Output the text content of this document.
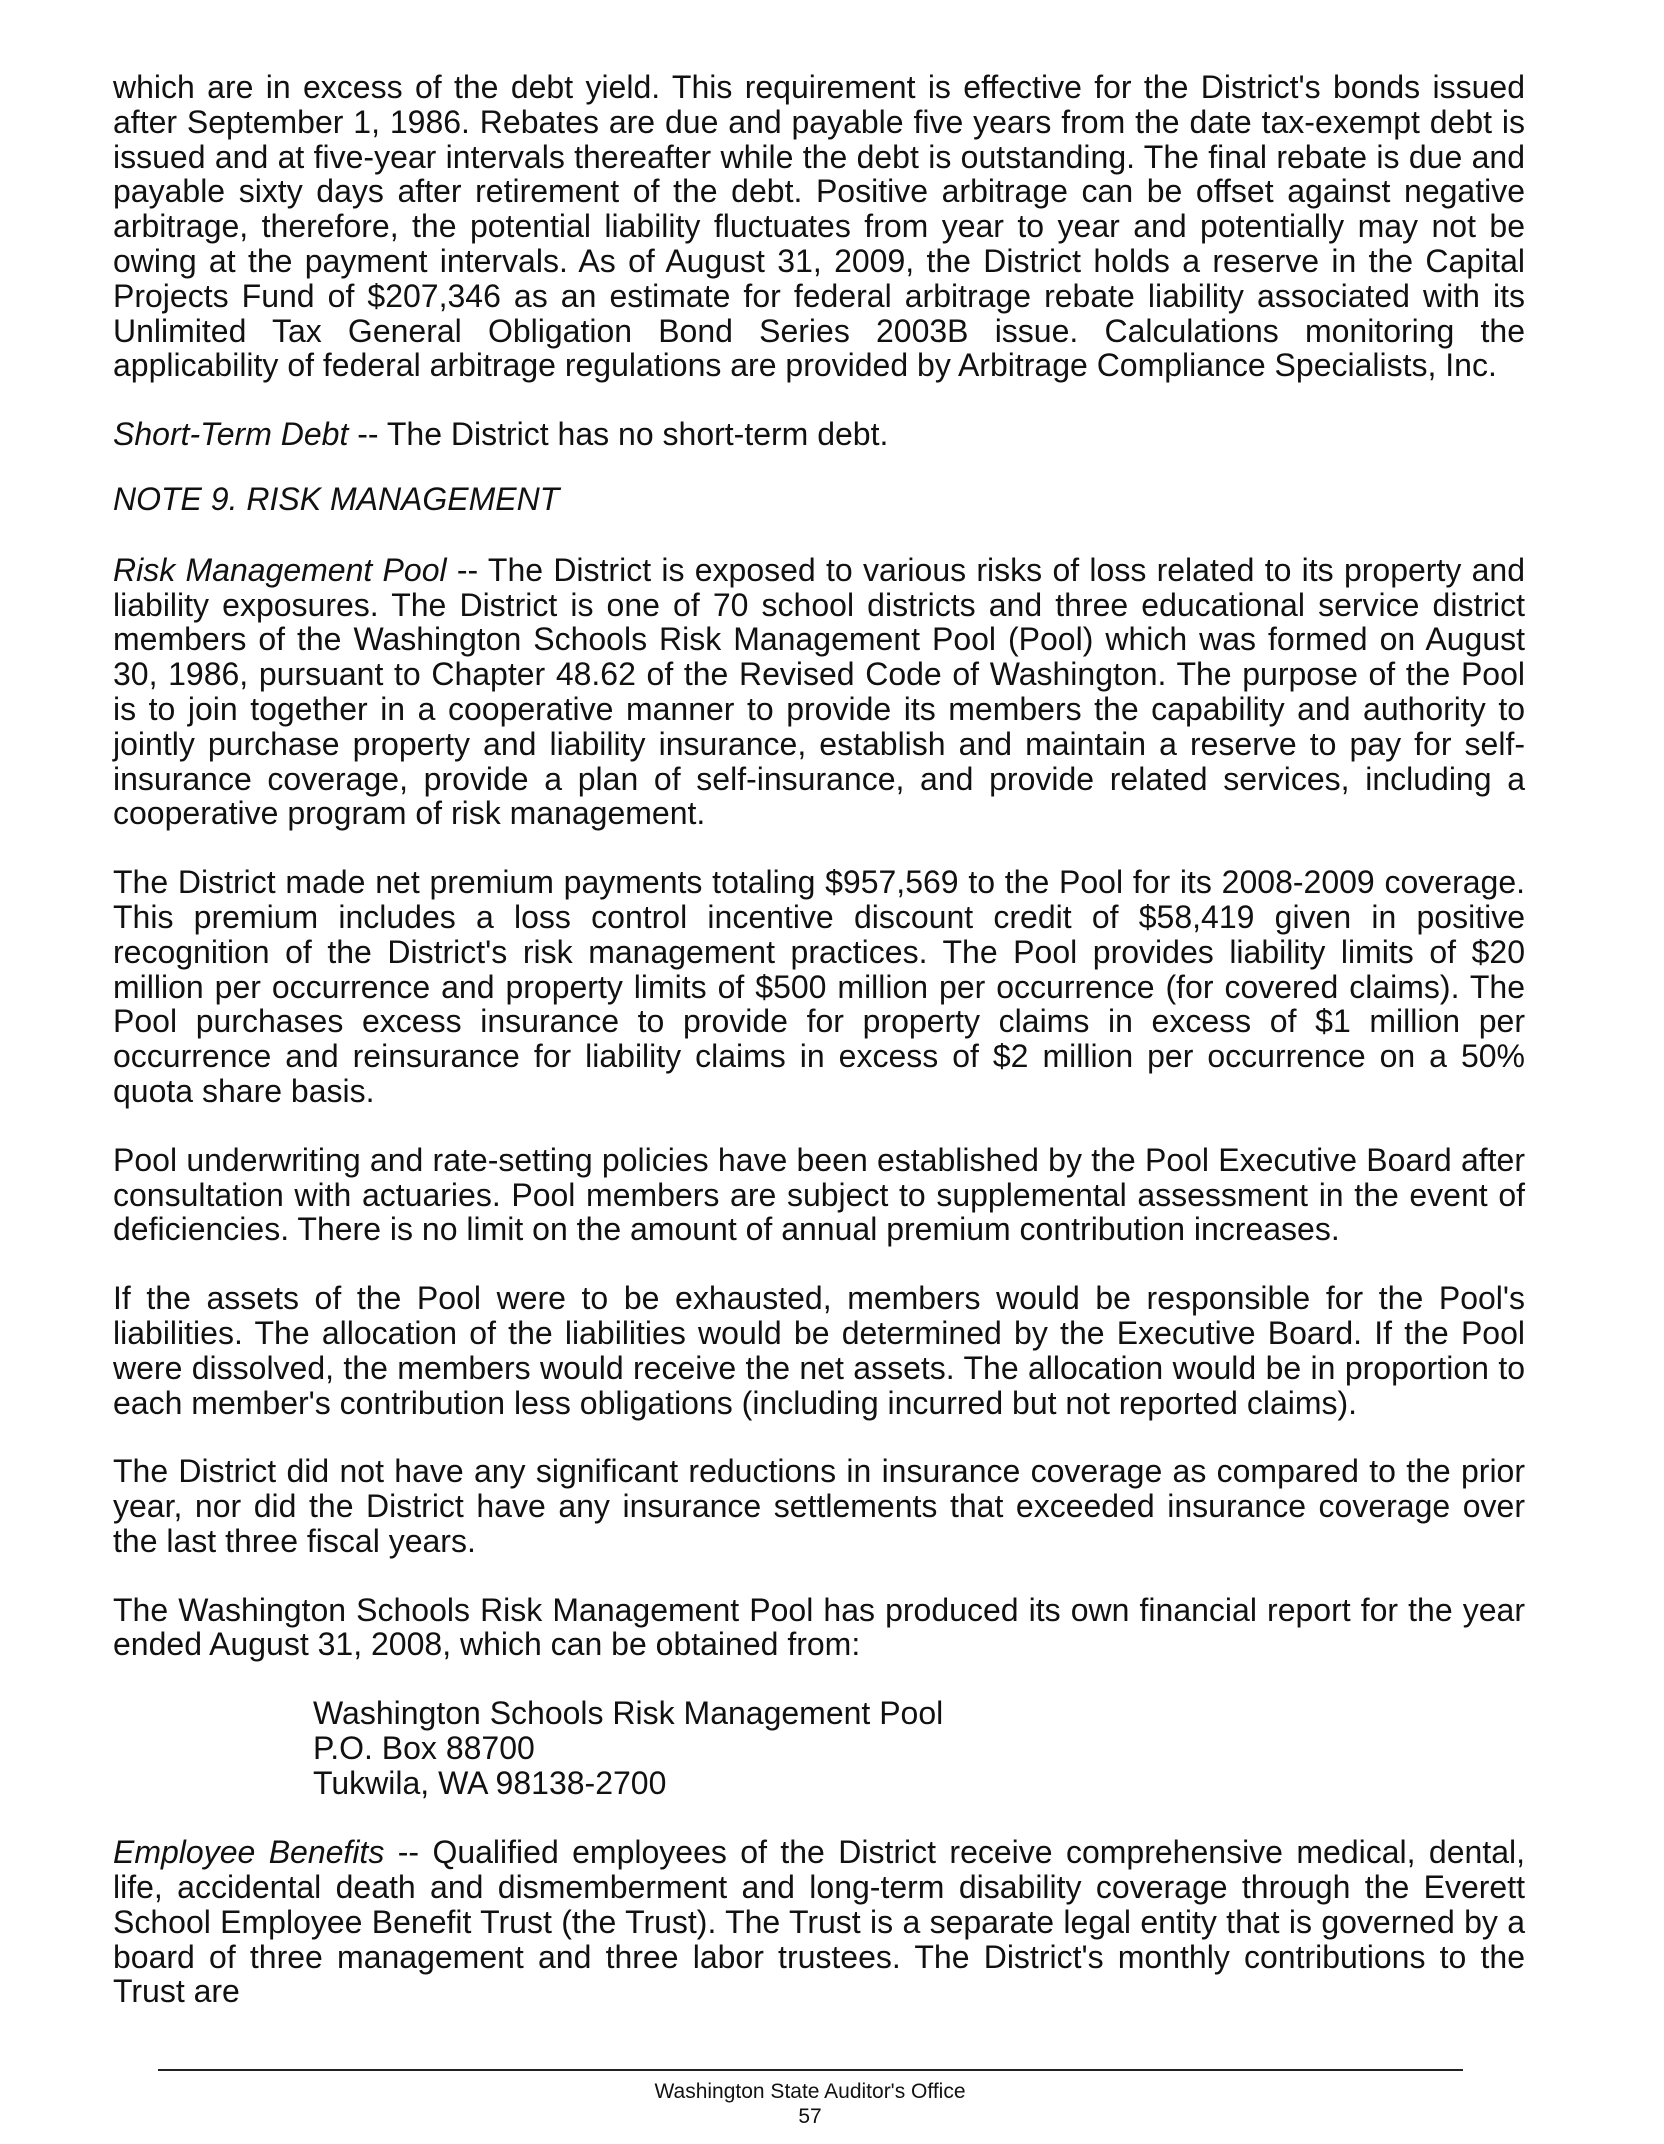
which are in excess of the debt yield. This requirement is effective for the District's bonds issued after September 1, 1986. Rebates are due and payable five years from the date tax-exempt debt is issued and at five-year intervals thereafter while the debt is outstanding. The final rebate is due and payable sixty days after retirement of the debt. Positive arbitrage can be offset against negative arbitrage, therefore, the potential liability fluctuates from year to year and potentially may not be owing at the payment intervals. As of August 31, 2009, the District holds a reserve in the Capital Projects Fund of $207,346 as an estimate for federal arbitrage rebate liability associated with its Unlimited Tax General Obligation Bond Series 2003B issue. Calculations monitoring the applicability of federal arbitrage regulations are provided by Arbitrage Compliance Specialists, Inc.

Short-Term Debt -- The District has no short-term debt.

NOTE 9. RISK MANAGEMENT

Risk Management Pool -- The District is exposed to various risks of loss related to its property and liability exposures. The District is one of 70 school districts and three educational service district members of the Washington Schools Risk Management Pool (Pool) which was formed on August 30, 1986, pursuant to Chapter 48.62 of the Revised Code of Washington. The purpose of the Pool is to join together in a cooperative manner to provide its members the capability and authority to jointly purchase property and liability insurance, establish and maintain a reserve to pay for self-insurance coverage, provide a plan of self-insurance, and provide related services, including a cooperative program of risk management.

The District made net premium payments totaling $957,569 to the Pool for its 2008-2009 coverage. This premium includes a loss control incentive discount credit of $58,419 given in positive recognition of the District's risk management practices. The Pool provides liability limits of $20 million per occurrence and property limits of $500 million per occurrence (for covered claims). The Pool purchases excess insurance to provide for property claims in excess of $1 million per occurrence and reinsurance for liability claims in excess of $2 million per occurrence on a 50% quota share basis.

Pool underwriting and rate-setting policies have been established by the Pool Executive Board after consultation with actuaries. Pool members are subject to supplemental assessment in the event of deficiencies. There is no limit on the amount of annual premium contribution increases.

If the assets of the Pool were to be exhausted, members would be responsible for the Pool's liabilities. The allocation of the liabilities would be determined by the Executive Board. If the Pool were dissolved, the members would receive the net assets. The allocation would be in proportion to each member's contribution less obligations (including incurred but not reported claims).

The District did not have any significant reductions in insurance coverage as compared to the prior year, nor did the District have any insurance settlements that exceeded insurance coverage over the last three fiscal years.

The Washington Schools Risk Management Pool has produced its own financial report for the year ended August 31, 2008, which can be obtained from:

Washington Schools Risk Management Pool
P.O. Box 88700
Tukwila, WA 98138-2700

Employee Benefits -- Qualified employees of the District receive comprehensive medical, dental, life, accidental death and dismemberment and long-term disability coverage through the Everett School Employee Benefit Trust (the Trust). The Trust is a separate legal entity that is governed by a board of three management and three labor trustees. The District's monthly contributions to the Trust are

Washington State Auditor's Office
57
